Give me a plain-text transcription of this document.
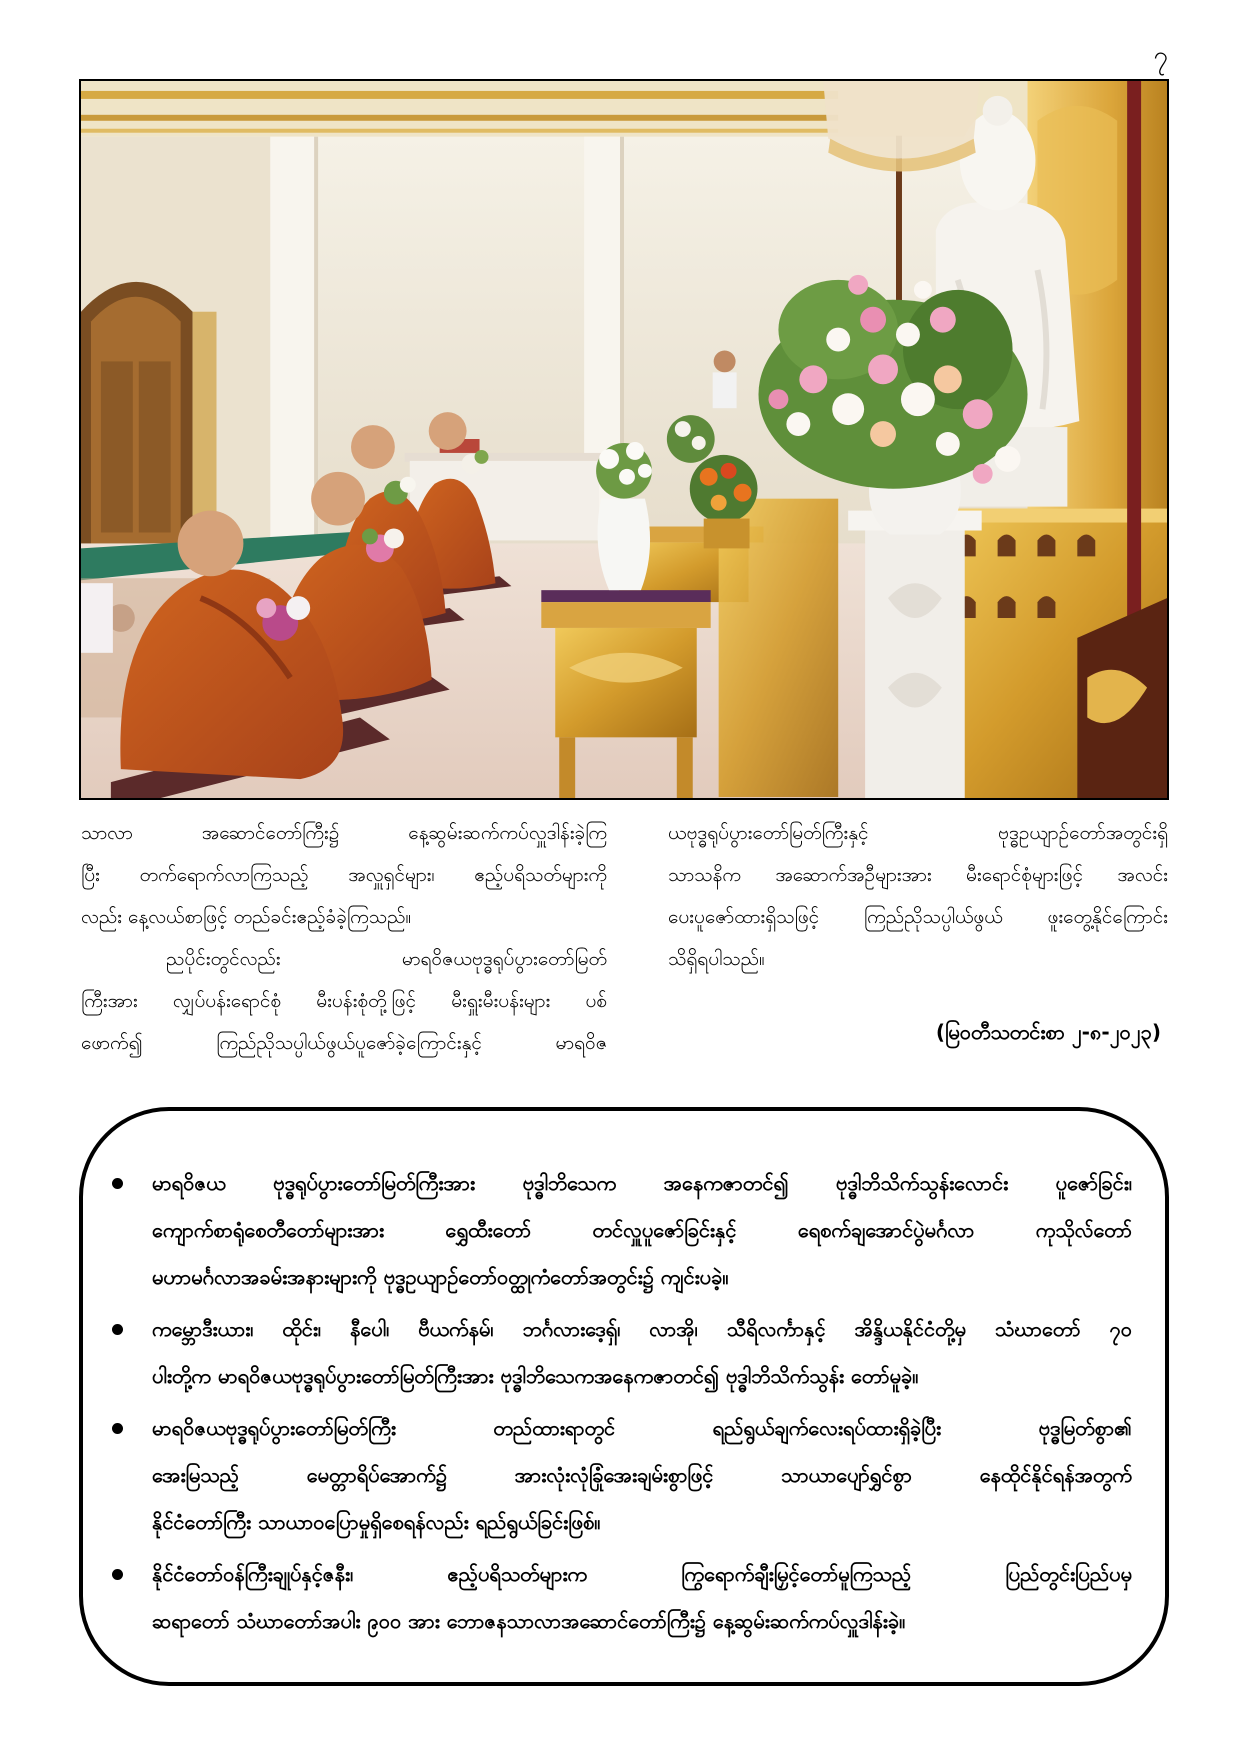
၇
သာလာ အဆောင်တော်ကြီး၌ နေ့ဆွမ်းဆက်ကပ်လှူဒါန်းခဲ့ကြ
ပြီး တက်ရောက်လာကြသည့် အလှူရှင်များ၊ ဧည့်ပရိသတ်များကို
လည်း နေ့လယ်စာဖြင့် တည်ခင်းဧည့်ခံခဲ့ကြသည်။
ညပိုင်းတွင်လည်း မာရဝိဇယဗုဒ္ဓရုပ်ပွားတော်မြတ်
ကြီးအား လျှပ်ပန်းရောင်စုံ မီးပန်းစုံတို့ဖြင့် မီးရှူးမီးပန်းများ ပစ်
ဖောက်၍ ကြည်ညိုသပ္ပါယ်ဖွယ်ပူဇော်ခဲ့ကြောင်းနှင့် မာရဝိဇ
ယဗုဒ္ဓရုပ်ပွားတော်မြတ်ကြီးနှင့် ဗုဒ္ဓဥယျာဉ်တော်အတွင်းရှိ
သာသနိက အဆောက်အဦများအား မီးရောင်စုံများဖြင့် အလင်း
ပေးပူဇော်ထားရှိသဖြင့် ကြည်ညိုသပ္ပါယ်ဖွယ် ဖူးတွေ့နိုင်ကြောင်း
သိရှိရပါသည်။
(မြဝတီသတင်းစာ ၂-၈-၂၀၂၃)
မာရဝိဇယ ဗုဒ္ဓရုပ်ပွားတော်မြတ်ကြီးအား ဗုဒ္ဓါဘိသေက အနေကဇာတင်၍ ဗုဒ္ဓါဘိသိက်သွန်းလောင်း ပူဇော်ခြင်း၊
ကျောက်စာရုံစေတီတော်များအား ရွှေထီးတော် တင်လှူပူဇော်ခြင်းနှင့် ရေစက်ချအောင်ပွဲမင်္ဂလာ ကုသိုလ်တော်
မဟာမင်္ဂလာအခမ်းအနားများကို ဗုဒ္ဓဥယျာဉ်တော်ဝတ္ထုကံတော်အတွင်း၌ ကျင်းပခဲ့။
ကမ္ဘောဒီးယား၊ ထိုင်း၊ နီပေါ၊ ဗီယက်နမ်၊ ဘင်္ဂလားဒေ့ရှ်၊ လာအို၊ သီရိလင်္ကာနှင့် အိန္ဒိယနိုင်ငံတို့မှ သံဃာတော် ၇၀
ပါးတို့က မာရဝိဇယဗုဒ္ဓရုပ်ပွားတော်မြတ်ကြီးအား ဗုဒ္ဓါဘိသေကအနေကဇာတင်၍ ဗုဒ္ဓါဘိသိက်သွန်း တော်မူခဲ့။
မာရဝိဇယဗုဒ္ဓရုပ်ပွားတော်မြတ်ကြီး တည်ထားရာတွင် ရည်ရွယ်ချက်လေးရပ်ထားရှိခဲ့ပြီး ဗုဒ္ဓမြတ်စွာ၏
အေးမြသည့် မေတ္တာရိပ်အောက်၌ အားလုံးလုံခြုံအေးချမ်းစွာဖြင့် သာယာပျော်ရွှင်စွာ နေထိုင်နိုင်ရန်အတွက်
နိုင်ငံတော်ကြီး သာယာဝပြောမှုရှိစေရန်လည်း ရည်ရွယ်ခြင်းဖြစ်။
နိုင်ငံတော်ဝန်ကြီးချုပ်နှင့်ဇနီး၊ ဧည့်ပရိသတ်များက ကြွရောက်ချီးမြှင့်တော်မူကြသည့် ပြည်တွင်းပြည်ပမှ
ဆရာတော် သံဃာတော်အပါး ၉၀၀ အား ဘောဇနသာလာအဆောင်တော်ကြီး၌ နေ့ဆွမ်းဆက်ကပ်လှူဒါန်းခဲ့။
